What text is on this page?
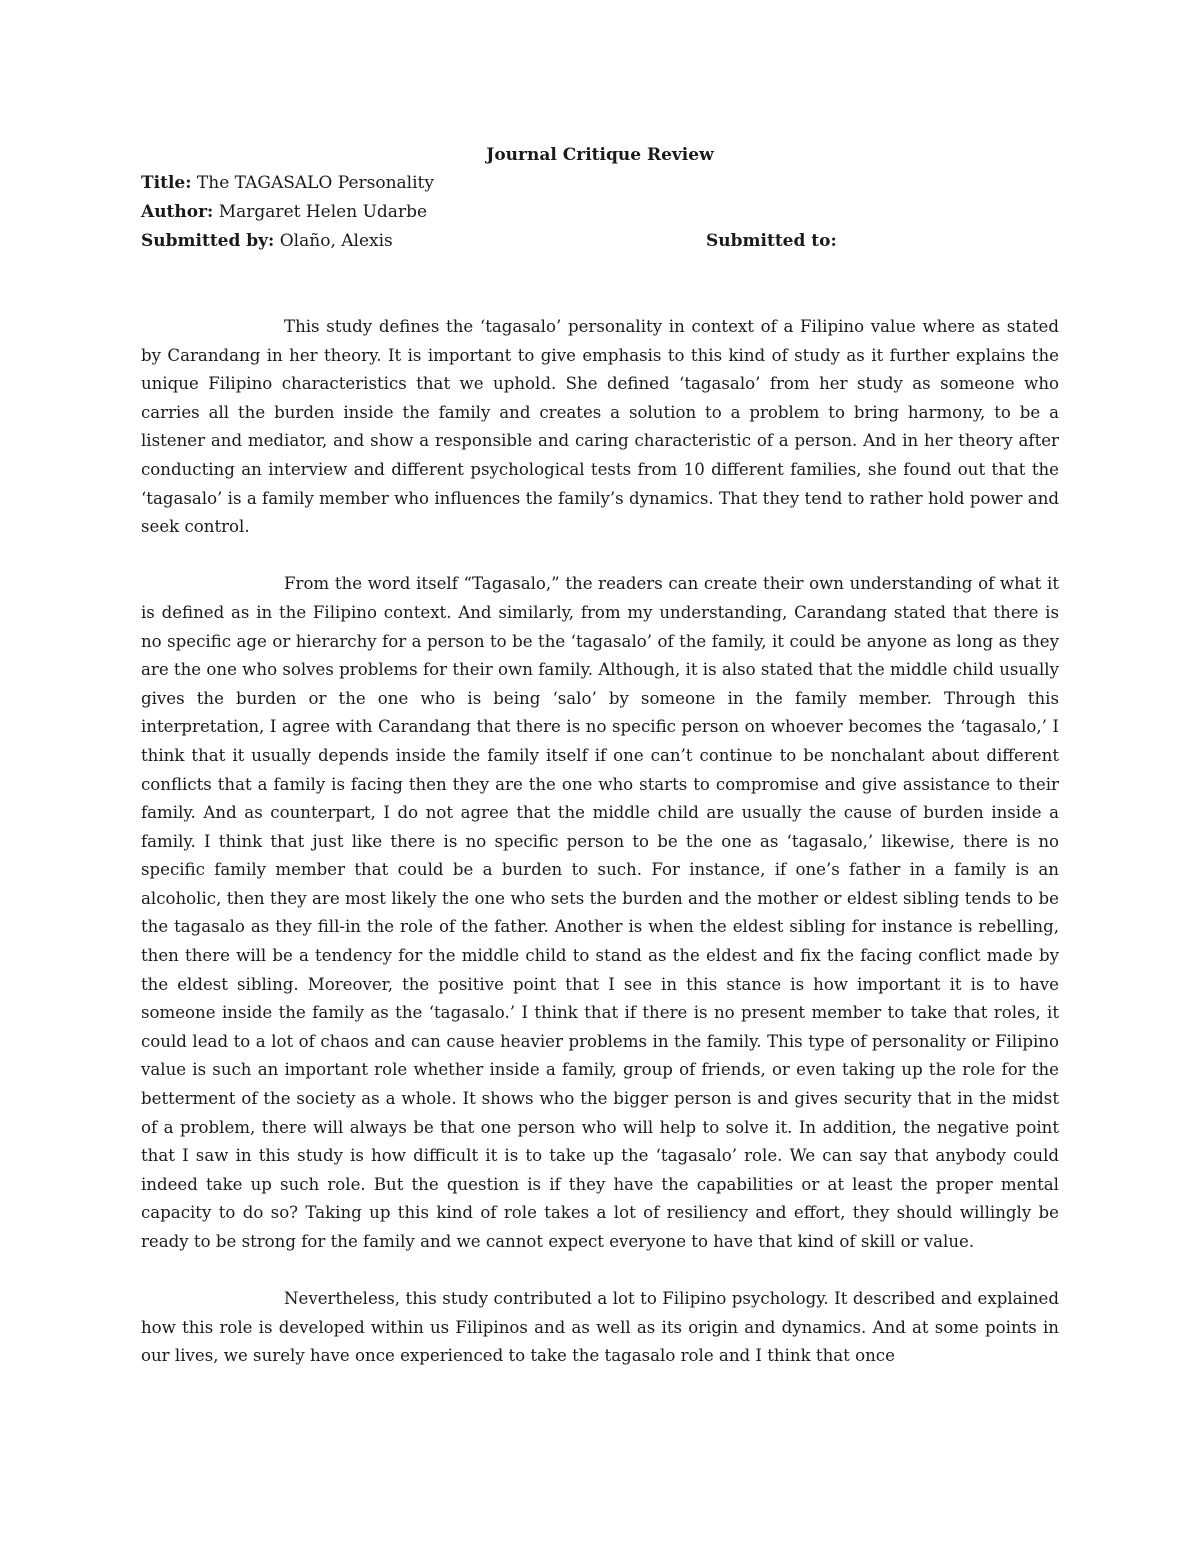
Journal Critique Review

Title: The TAGASALO Personality

Author: Margaret Helen Udarbe

Submitted by: Olaño, Alexis	Submitted to:

This study defines the ‘tagasalo’ personality in context of a Filipino value where as stated by Carandang in her theory. It is important to give emphasis to this kind of study as it further explains the unique Filipino characteristics that we uphold. She defined ‘tagasalo’ from her study as someone who carries all the burden inside the family and creates a solution to a problem to bring harmony, to be a listener and mediator, and show a responsible and caring characteristic of a person. And in her theory after conducting an interview and different psychological tests from 10 different families, she found out that the ‘tagasalo’ is a family member who influences the family’s dynamics. That they tend to rather hold power and seek control.

From the word itself “Tagasalo,” the readers can create their own understanding of what it is defined as in the Filipino context. And similarly, from my understanding, Carandang stated that there is no specific age or hierarchy for a person to be the ‘tagasalo’ of the family, it could be anyone as long as they are the one who solves problems for their own family. Although, it is also stated that the middle child usually gives the burden or the one who is being ‘salo’ by someone in the family member. Through this interpretation, I agree with Carandang that there is no specific person on whoever becomes the ‘tagasalo,’ I think that it usually depends inside the family itself if one can’t continue to be nonchalant about different conflicts that a family is facing then they are the one who starts to compromise and give assistance to their family. And as counterpart, I do not agree that the middle child are usually the cause of burden inside a family. I think that just like there is no specific person to be the one as ‘tagasalo,’ likewise, there is no specific family member that could be a burden to such. For instance, if one’s father in a family is an alcoholic, then they are most likely the one who sets the burden and the mother or eldest sibling tends to be the tagasalo as they fill-in the role of the father. Another is when the eldest sibling for instance is rebelling, then there will be a tendency for the middle child to stand as the eldest and fix the facing conflict made by the eldest sibling. Moreover, the positive point that I see in this stance is how important it is to have someone inside the family as the ‘tagasalo.’ I think that if there is no present member to take that roles, it could lead to a lot of chaos and can cause heavier problems in the family. This type of personality or Filipino value is such an important role whether inside a family, group of friends, or even taking up the role for the betterment of the society as a whole. It shows who the bigger person is and gives security that in the midst of a problem, there will always be that one person who will help to solve it. In addition, the negative point that I saw in this study is how difficult it is to take up the ‘tagasalo’ role. We can say that anybody could indeed take up such role. But the question is if they have the capabilities or at least the proper mental capacity to do so? Taking up this kind of role takes a lot of resiliency and effort, they should willingly be ready to be strong for the family and we cannot expect everyone to have that kind of skill or value.

Nevertheless, this study contributed a lot to Filipino psychology. It described and explained how this role is developed within us Filipinos and as well as its origin and dynamics. And at some points in our lives, we surely have once experienced to take the tagasalo role and I think that once
